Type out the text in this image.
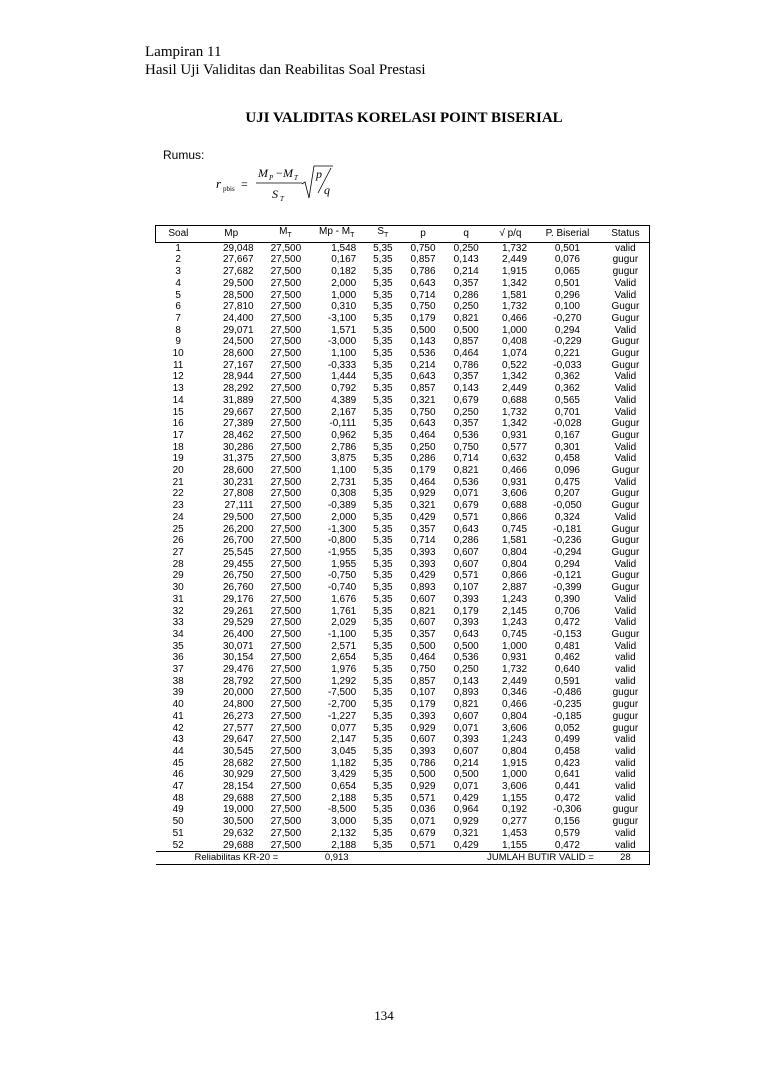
Lampiran 11
Hasil Uji Validitas dan Reabilitas Soal Prestasi
UJI VALIDITAS KORELASI POINT BISERIAL
Rumus:
r pbis =
M P − M T
S T
p
q
Soal	Mp	$M_T$	Mp - $M_T$	$S_T$	p	q	√ p/q	P. Biserial	Status
1	29,048	27,500	1,548	5,35	0,750	0,250	1,732	0,501	valid
2	27,667	27,500	0,167	5,35	0,857	0,143	2,449	0,076	gugur
3	27,682	27,500	0,182	5,35	0,786	0,214	1,915	0,065	gugur
4	29,500	27,500	2,000	5,35	0,643	0,357	1,342	0,501	Valid
5	28,500	27,500	1,000	5,35	0,714	0,286	1,581	0,296	Valid
6	27,810	27,500	0,310	5,35	0,750	0,250	1,732	0,100	Gugur
7	24,400	27,500	-3,100	5,35	0,179	0,821	0,466	-0,270	Gugur
8	29,071	27,500	1,571	5,35	0,500	0,500	1,000	0,294	Valid
9	24,500	27,500	-3,000	5,35	0,143	0,857	0,408	-0,229	Gugur
10	28,600	27,500	1,100	5,35	0,536	0,464	1,074	0,221	Gugur
11	27,167	27,500	-0,333	5,35	0,214	0,786	0,522	-0,033	Gugur
12	28,944	27,500	1,444	5,35	0,643	0,357	1,342	0,362	Valid
13	28,292	27,500	0,792	5,35	0,857	0,143	2,449	0,362	Valid
14	31,889	27,500	4,389	5,35	0,321	0,679	0,688	0,565	Valid
15	29,667	27,500	2,167	5,35	0,750	0,250	1,732	0,701	Valid
16	27,389	27,500	-0,111	5,35	0,643	0,357	1,342	-0,028	Gugur
17	28,462	27,500	0,962	5,35	0,464	0,536	0,931	0,167	Gugur
18	30,286	27,500	2,786	5,35	0,250	0,750	0,577	0,301	Valid
19	31,375	27,500	3,875	5,35	0,286	0,714	0,632	0,458	Valid
20	28,600	27,500	1,100	5,35	0,179	0,821	0,466	0,096	Gugur
21	30,231	27,500	2,731	5,35	0,464	0,536	0,931	0,475	Valid
22	27,808	27,500	0,308	5,35	0,929	0,071	3,606	0,207	Gugur
23	27,111	27,500	-0,389	5,35	0,321	0,679	0,688	-0,050	Gugur
24	29,500	27,500	2,000	5,35	0,429	0,571	0,866	0,324	Valid
25	26,200	27,500	-1,300	5,35	0,357	0,643	0,745	-0,181	Gugur
26	26,700	27,500	-0,800	5,35	0,714	0,286	1,581	-0,236	Gugur
27	25,545	27,500	-1,955	5,35	0,393	0,607	0,804	-0,294	Gugur
28	29,455	27,500	1,955	5,35	0,393	0,607	0,804	0,294	Valid
29	26,750	27,500	-0,750	5,35	0,429	0,571	0,866	-0,121	Gugur
30	26,760	27,500	-0,740	5,35	0,893	0,107	2,887	-0,399	Gugur
31	29,176	27,500	1,676	5,35	0,607	0,393	1,243	0,390	Valid
32	29,261	27,500	1,761	5,35	0,821	0,179	2,145	0,706	Valid
33	29,529	27,500	2,029	5,35	0,607	0,393	1,243	0,472	Valid
34	26,400	27,500	-1,100	5,35	0,357	0,643	0,745	-0,153	Gugur
35	30,071	27,500	2,571	5,35	0,500	0,500	1,000	0,481	Valid
36	30,154	27,500	2,654	5,35	0,464	0,536	0,931	0,462	valid
37	29,476	27,500	1,976	5,35	0,750	0,250	1,732	0,640	valid
38	28,792	27,500	1,292	5,35	0,857	0,143	2,449	0,591	valid
39	20,000	27,500	-7,500	5,35	0,107	0,893	0,346	-0,486	gugur
40	24,800	27,500	-2,700	5,35	0,179	0,821	0,466	-0,235	gugur
41	26,273	27,500	-1,227	5,35	0,393	0,607	0,804	-0,185	gugur
42	27,577	27,500	0,077	5,35	0,929	0,071	3,606	0,052	gugur
43	29,647	27,500	2,147	5,35	0,607	0,393	1,243	0,499	valid
44	30,545	27,500	3,045	5,35	0,393	0,607	0,804	0,458	valid
45	28,682	27,500	1,182	5,35	0,786	0,214	1,915	0,423	valid
46	30,929	27,500	3,429	5,35	0,500	0,500	1,000	0,641	valid
47	28,154	27,500	0,654	5,35	0,929	0,071	3,606	0,441	valid
48	29,688	27,500	2,188	5,35	0,571	0,429	1,155	0,472	valid
49	19,000	27,500	-8,500	5,35	0,036	0,964	0,192	-0,306	gugur
50	30,500	27,500	3,000	5,35	0,071	0,929	0,277	0,156	gugur
51	29,632	27,500	2,132	5,35	0,679	0,321	1,453	0,579	valid
52	29,688	27,500	2,188	5,35	0,571	0,429	1,155	0,472	valid
Reliabilitas KR-20 =			0,913	JUMLAH BUTIR VALID =					28
134
